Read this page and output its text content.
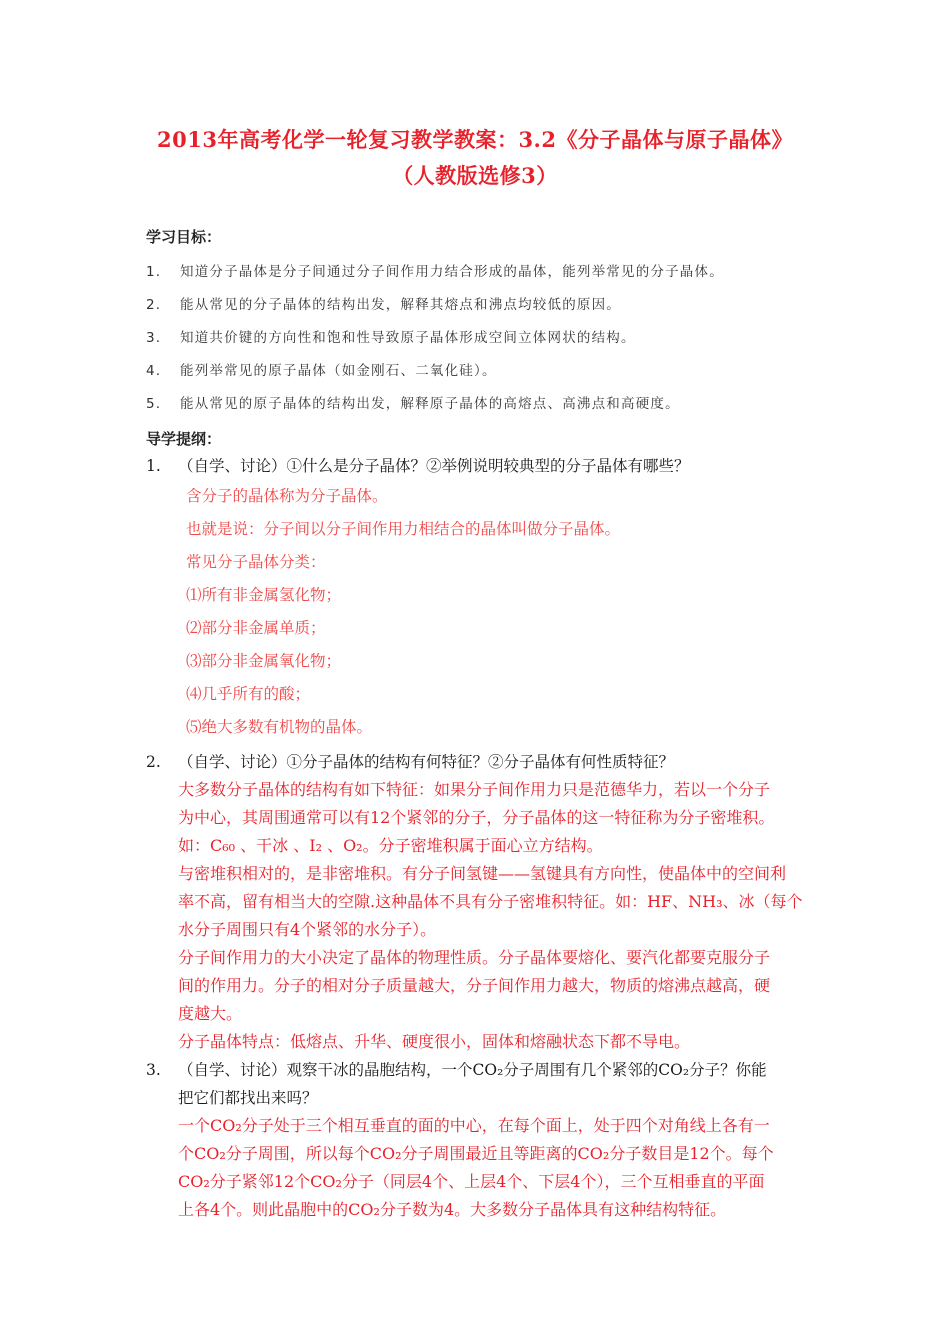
2013年高考化学一轮复习教学教案：3.2《分子晶体与原子晶体》
（人教版选修3）
学习目标：
1. 知道分子晶体是分子间通过分子间作用力结合形成的晶体，能列举常见的分子晶体。
2. 能从常见的分子晶体的结构出发，解释其熔点和沸点均较低的原因。
3. 知道共价键的方向性和饱和性导致原子晶体形成空间立体网状的结构。
4. 能列举常见的原子晶体（如金刚石、二氧化硅）。
5. 能从常见的原子晶体的结构出发，解释原子晶体的高熔点、高沸点和高硬度。
导学提纲：
1. （自学、讨论）①什么是分子晶体？②举例说明较典型的分子晶体有哪些？
含分子的晶体称为分子晶体。
也就是说：分子间以分子间作用力相结合的晶体叫做分子晶体。
常见分子晶体分类：
⑴所有非金属氢化物；
⑵部分非金属单质；
⑶部分非金属氧化物；
⑷几乎所有的酸；
⑸绝大多数有机物的晶体。
2. （自学、讨论）①分子晶体的结构有何特征？②分子晶体有何性质特征？
大多数分子晶体的结构有如下特征：如果分子间作用力只是范德华力，若以一个分子
为中心，其周围通常可以有12个紧邻的分子，分子晶体的这一特征称为分子密堆积。
如：C₆₀ 、干冰 、I₂ 、O₂。分子密堆积属于面心立方结构。
与密堆积相对的，是非密堆积。有分子间氢键——氢键具有方向性，使晶体中的空间利
率不高，留有相当大的空隙.这种晶体不具有分子密堆积特征。如：HF、NH₃、冰（每个
水分子周围只有4个紧邻的水分子）。
分子间作用力的大小决定了晶体的物理性质。分子晶体要熔化、要汽化都要克服分子
间的作用力。分子的相对分子质量越大，分子间作用力越大，物质的熔沸点越高，硬
度越大。
分子晶体特点：低熔点、升华、硬度很小，固体和熔融状态下都不导电。
3. （自学、讨论）观察干冰的晶胞结构，一个CO₂分子周围有几个紧邻的CO₂分子？你能
把它们都找出来吗？
一个CO₂分子处于三个相互垂直的面的中心，在每个面上，处于四个对角线上各有一
个CO₂分子周围，所以每个CO₂分子周围最近且等距离的CO₂分子数目是12个。每个
CO₂分子紧邻12个CO₂分子（同层4个、上层4个、下层4个），三个互相垂直的平面
上各4个。则此晶胞中的CO₂分子数为4。大多数分子晶体具有这种结构特征。
